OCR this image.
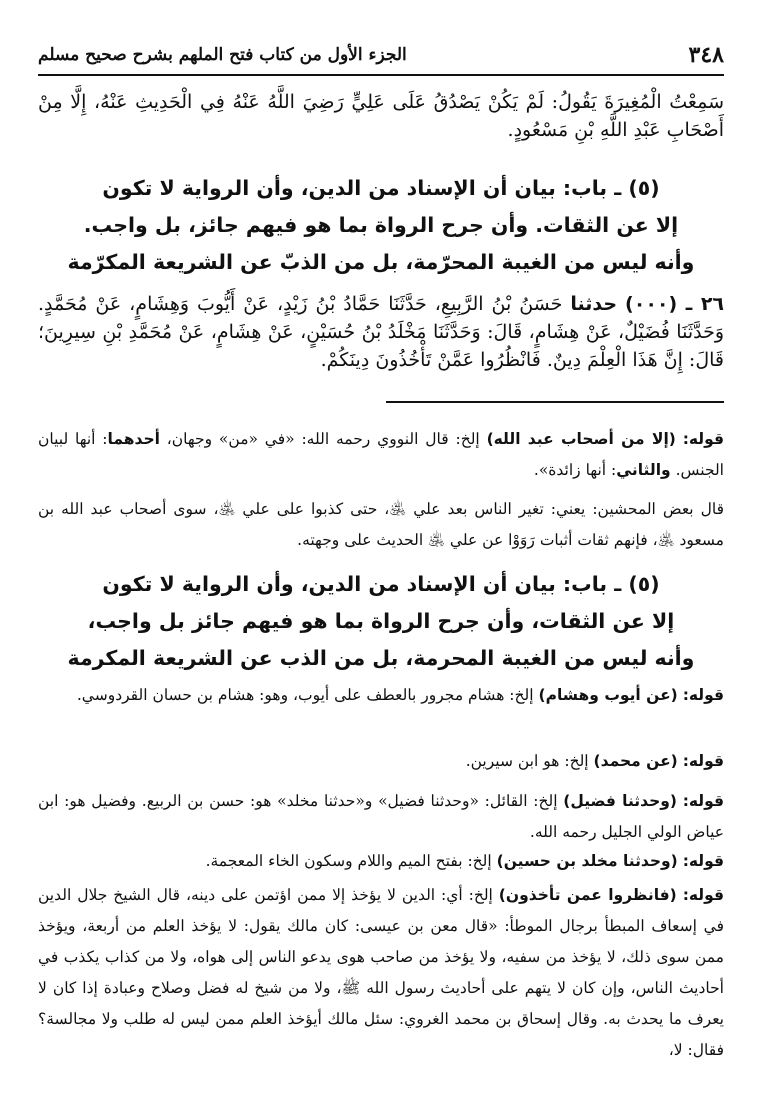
٣٤٨
الجزء الأول من كتاب فتح الملهم بشرح صحيح مسلم
سَمِعْتُ الْمُغِيرَةَ يَقُولُ: لَمْ يَكُنْ يَصْدُقُ عَلَى عَلِيٍّ رَضِيَ اللَّهُ عَنْهُ فِي الْحَدِيثِ عَنْهُ، إِلَّا مِنْ أَصْحَابِ عَبْدِ اللَّهِ بْنِ مَسْعُودٍ.
(٥) ـ باب: بيان أن الإسناد من الدين، وأن الرواية لا تكون
إلا عن الثقات. وأن جرح الرواة بما هو فيهم جائز، بل واجب.
وأنه ليس من الغيبة المحرّمة، بل من الذبّ عن الشريعة المكرّمة
٢٦ ـ (٠٠٠) حدثنا حَسَنُ بْنُ الرَّبِيعِ، حَدَّثَنَا حَمَّادُ بْنُ زَيْدٍ، عَنْ أَيُّوبَ وَهِشَامٍ، عَنْ مُحَمَّدٍ. وَحَدَّثَنَا فُضَيْلٌ، عَنْ هِشَامٍ، قَالَ: وَحَدَّثَنَا مَخْلَدُ بْنُ حُسَيْنٍ، عَنْ هِشَامٍ، عَنْ مُحَمَّدِ بْنِ سِيرِينَ؛ قَالَ: إِنَّ هَذَا الْعِلْمَ دِينٌ. فَانْظُرُوا عَمَّنْ تَأْخُذُونَ دِينَكُمْ.
قوله: (إلا من أصحاب عبد الله) إلخ: قال النووي رحمه الله: «في «من» وجهان، أحدهما: أنها لبيان الجنس. والثاني: أنها زائدة».
قال بعض المحشين: يعني: تغير الناس بعد علي ﵁، حتى كذبوا على علي ﵁، سوى أصحاب عبد الله بن مسعود ﵁، فإنهم ثقات أثبات رَوَوْا عن علي ﵁ الحديث على وجهته.
(٥) ـ باب: بيان أن الإسناد من الدين، وأن الرواية لا تكون
إلا عن الثقات، وأن جرح الرواة بما هو فيهم جائز بل واجب،
وأنه ليس من الغيبة المحرمة، بل من الذب عن الشريعة المكرمة
قوله: (عن أيوب وهشام) إلخ: هشام مجرور بالعطف على أيوب، وهو: هشام بن حسان القردوسي.
قوله: (عن محمد) إلخ: هو ابن سيرين.
قوله: (وحدثنا فضيل) إلخ: القائل: «وحدثنا فضيل» و«حدثنا مخلد» هو: حسن بن الربيع. وفضيل هو: ابن عياض الولي الجليل رحمه الله.
قوله: (وحدثنا مخلد بن حسين) إلخ: بفتح الميم واللام وسكون الخاء المعجمة.
قوله: (فانظروا عمن تأخذون) إلخ: أي: الدين لا يؤخذ إلا ممن اؤتمن على دينه، قال الشيخ جلال الدين في إسعاف المبطأ برجال الموطأ: «قال معن بن عيسى: كان مالك يقول: لا يؤخذ العلم من أربعة، ويؤخذ ممن سوى ذلك، لا يؤخذ من سفيه، ولا يؤخذ من صاحب هوى يدعو الناس إلى هواه، ولا من كذاب يكذب في أحاديث الناس، وإن كان لا يتهم على أحاديث رسول الله ﷺ، ولا من شيخ له فضل وصلاح وعبادة إذا كان لا يعرف ما يحدث به. وقال إسحاق بن محمد الغروي: سئل مالك أيؤخذ العلم ممن ليس له طلب ولا مجالسة؟ فقال: لا،
